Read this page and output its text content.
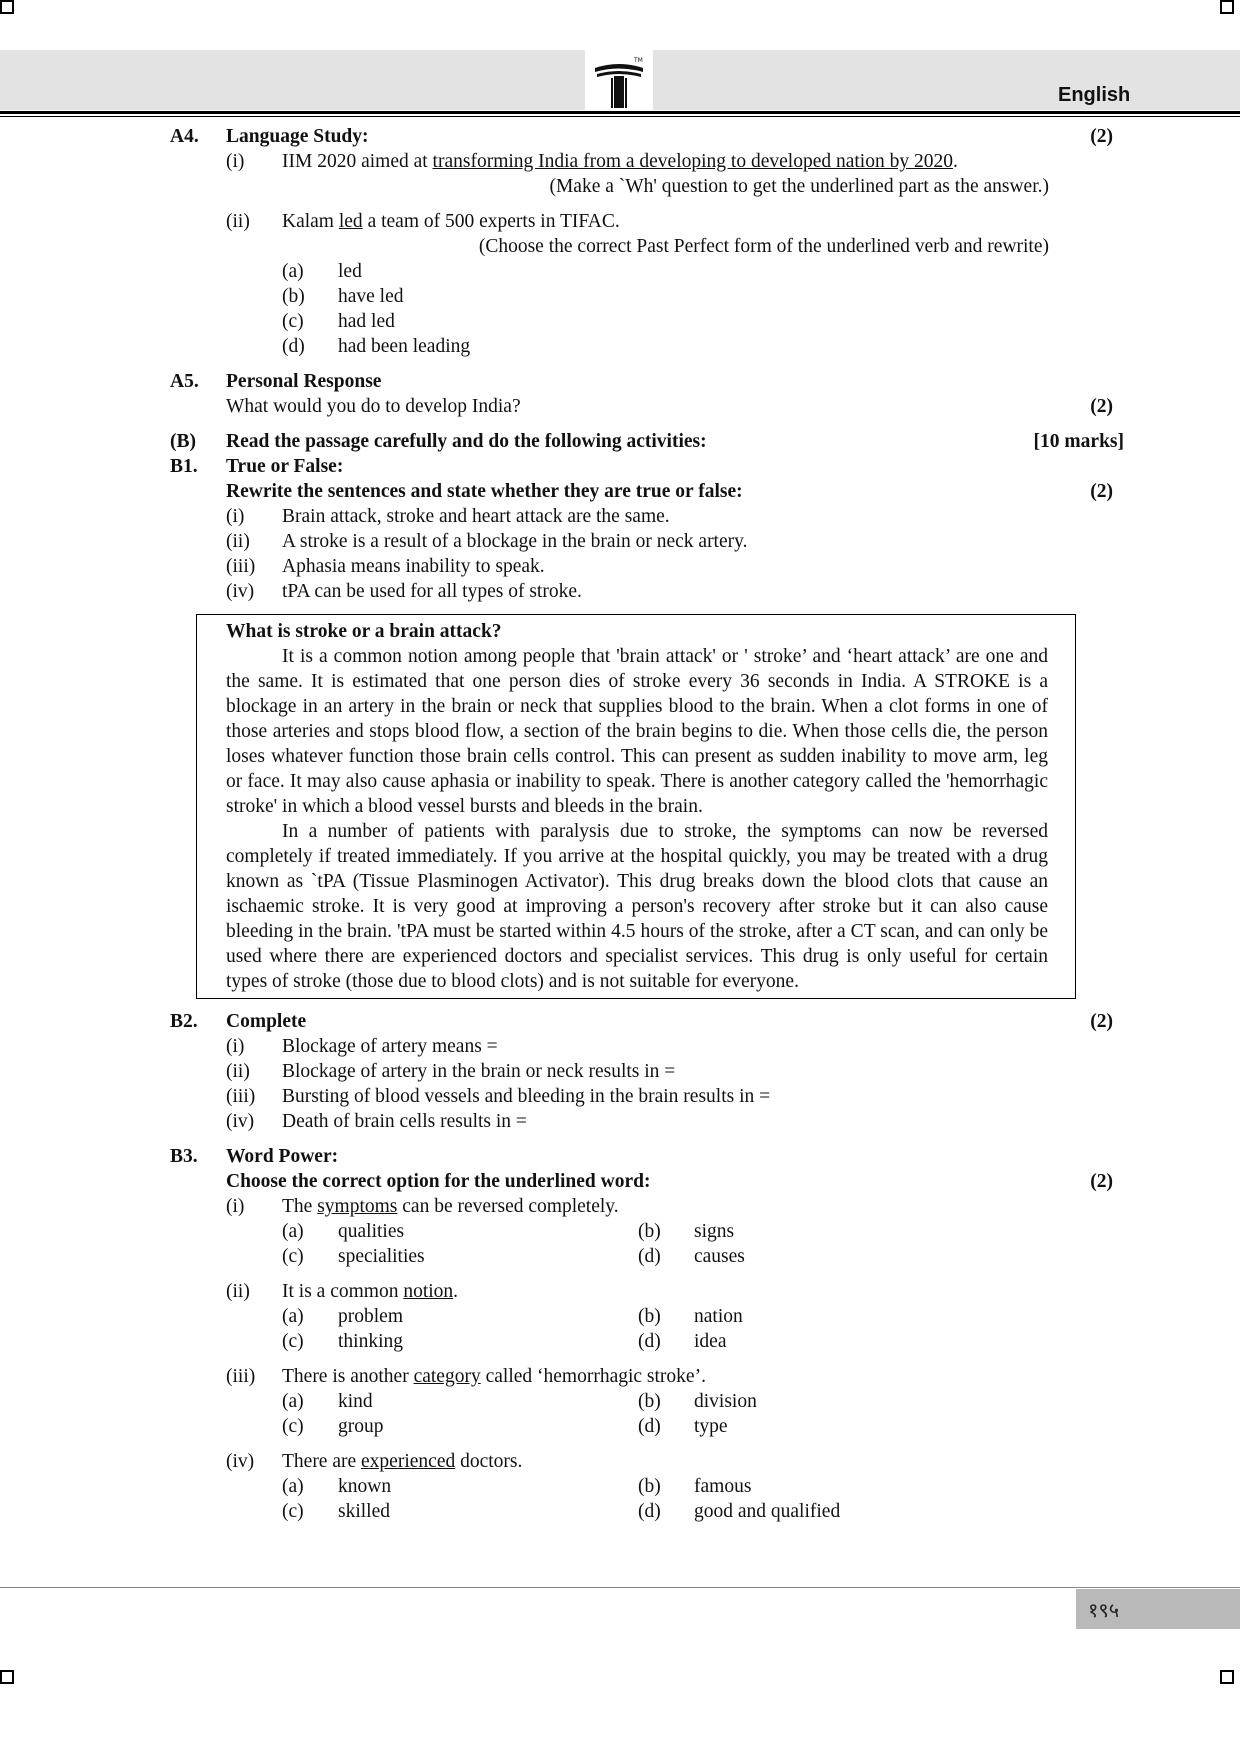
TM
English
A4. Language Study:	(2)
(i) IIM 2020 aimed at transforming India from a developing to developed nation by 2020.
(Make a `Wh' question to get the underlined part as the answer.)
(ii) Kalam led a team of 500 experts in TIFAC.
(Choose the correct Past Perfect form of the underlined verb and rewrite)
(a) led
(b) have led
(c) had led
(d) had been leading
A5. Personal Response
What would you do to develop India?	(2)
(B) Read the passage carefully and do the following activities:	[10 marks]
B1. True or False:
Rewrite the sentences and state whether they are true or false:	(2)
(i) Brain attack, stroke and heart attack are the same.
(ii) A stroke is a result of a blockage in the brain or neck artery.
(iii) Aphasia means inability to speak.
(iv) tPA can be used for all types of stroke.

What is stroke or a brain attack?

It is a common notion among people that 'brain attack' or ' stroke’ and ‘heart attack’ are one and the same. It is estimated that one person dies of stroke every 36 seconds in India. A STROKE is a blockage in an artery in the brain or neck that supplies blood to the brain. When a clot forms in one of those arteries and stops blood flow, a section of the brain begins to die. When those cells die, the person loses whatever function those brain cells control. This can present as sudden inability to move arm, leg or face. It may also cause aphasia or inability to speak. There is another category called the 'hemorrhagic stroke' in which a blood vessel bursts and bleeds in the brain.

In a number of patients with paralysis due to stroke, the symptoms can now be reversed completely if treated immediately. If you arrive at the hospital quickly, you may be treated with a drug known as `tPA (Tissue Plasminogen Activator). This drug breaks down the blood clots that cause an ischaemic stroke. It is very good at improving a person's recovery after stroke but it can also cause bleeding in the brain. 'tPA must be started within 4.5 hours of the stroke, after a CT scan, and can only be used where there are experienced doctors and specialist services. This drug is only useful for certain types of stroke (those due to blood clots) and is not suitable for everyone.

B2. Complete	(2)
(i) Blockage of artery means =
(ii) Blockage of artery in the brain or neck results in =
(iii) Bursting of blood vessels and bleeding in the brain results in =
(iv) Death of brain cells results in =
B3. Word Power:
Choose the correct option for the underlined word:	(2)
(i) The symptoms can be reversed completely.
(a) qualities	(b) signs
(c) specialities	(d) causes
(ii) It is a common notion.
(a) problem	(b) nation
(c) thinking	(d) idea
(iii) There is another category called ‘hemorrhagic stroke’.
(a) kind	(b) division
(c) group	(d) type
(iv) There are experienced doctors.
(a) known	(b) famous
(c) skilled	(d) good and qualified
१९५
